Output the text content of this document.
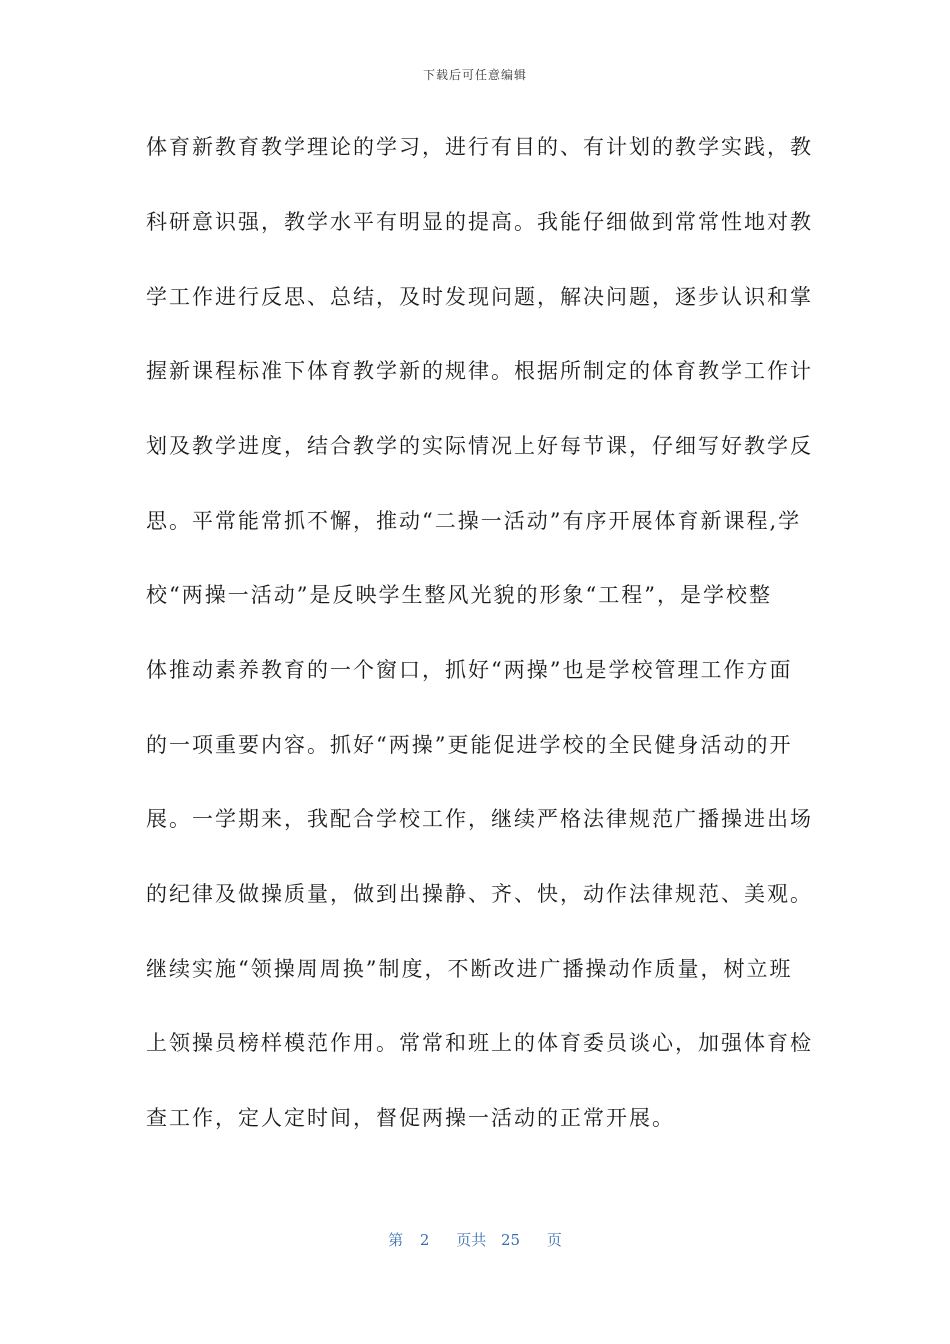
下载后可任意编辑
体育新教育教学理论的学习，进行有目的、有计划的教学实践，教
科研意识强，教学水平有明显的提高。我能仔细做到常常性地对教
学工作进行反思、总结，及时发现问题，解决问题，逐步认识和掌
握新课程标准下体育教学新的规律。根据所制定的体育教学工作计
划及教学进度，结合教学的实际情况上好每节课，仔细写好教学反
思。平常能常抓不懈，推动“二操一活动”有序开展体育新课程,学
校“两操一活动”是反映学生整风光貌的形象“工程”，是学校整
体推动素养教育的一个窗口，抓好“两操”也是学校管理工作方面
的一项重要内容。抓好“两操”更能促进学校的全民健身活动的开
展。一学期来，我配合学校工作，继续严格法律规范广播操进出场
的纪律及做操质量，做到出操静、齐、快，动作法律规范、美观。
继续实施“领操周周换”制度，不断改进广播操动作质量，树立班
上领操员榜样模范作用。常常和班上的体育委员谈心，加强体育检
查工作，定人定时间，督促两操一活动的正常开展。
第 2 页共 25 页
